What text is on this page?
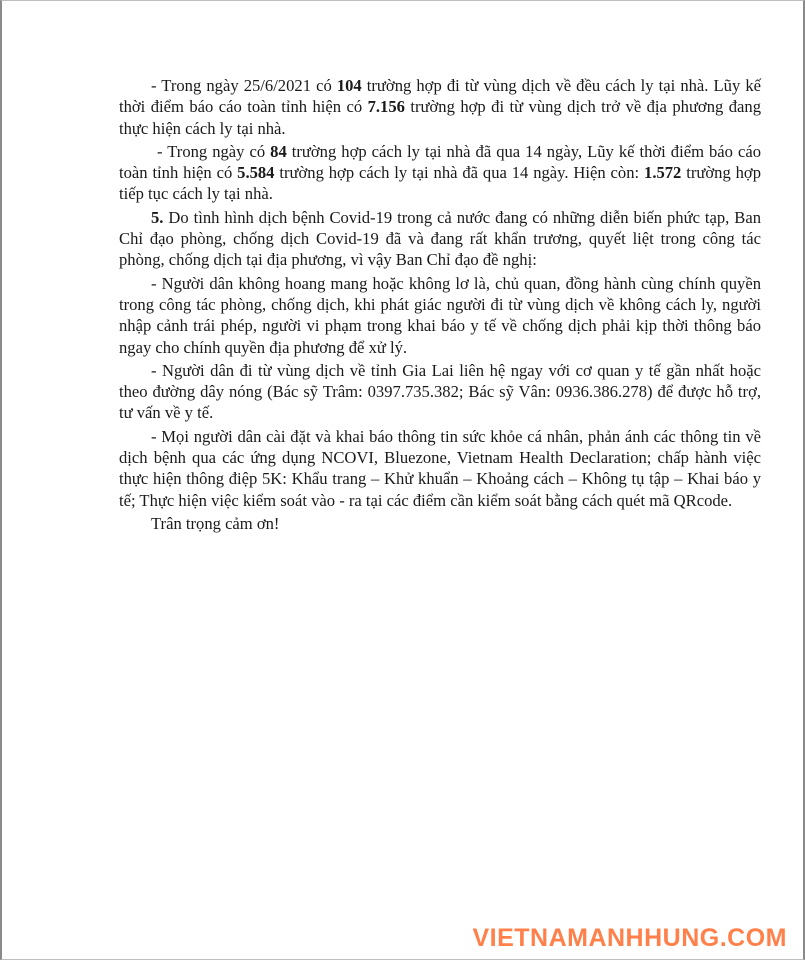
- Trong ngày 25/6/2021 có 104 trường hợp đi từ vùng dịch về đều cách ly tại nhà. Lũy kế thời điểm báo cáo toàn tỉnh hiện có 7.156 trường hợp đi từ vùng dịch trở về địa phương đang thực hiện cách ly tại nhà.

- Trong ngày có 84 trường hợp cách ly tại nhà đã qua 14 ngày, Lũy kế thời điểm báo cáo toàn tỉnh hiện có 5.584 trường hợp cách ly tại nhà đã qua 14 ngày. Hiện còn: 1.572 trường hợp tiếp tục cách ly tại nhà.

5. Do tình hình dịch bệnh Covid-19 trong cả nước đang có những diễn biến phức tạp, Ban Chỉ đạo phòng, chống dịch Covid-19 đã và đang rất khẩn trương, quyết liệt trong công tác phòng, chống dịch tại địa phương, vì vậy Ban Chỉ đạo đề nghị:

- Người dân không hoang mang hoặc không lơ là, chủ quan, đồng hành cùng chính quyền trong công tác phòng, chống dịch, khi phát giác người đi từ vùng dịch về không cách ly, người nhập cảnh trái phép, người vi phạm trong khai báo y tế về chống dịch phải kịp thời thông báo ngay cho chính quyền địa phương để xử lý.

- Người dân đi từ vùng dịch về tỉnh Gia Lai liên hệ ngay với cơ quan y tế gần nhất hoặc theo đường dây nóng (Bác sỹ Trâm: 0397.735.382; Bác sỹ Vân: 0936.386.278) để được hỗ trợ, tư vấn về y tế.

- Mọi người dân cài đặt và khai báo thông tin sức khỏe cá nhân, phản ánh các thông tin về dịch bệnh qua các ứng dụng NCOVI, Bluezone, Vietnam Health Declaration; chấp hành việc thực hiện thông điệp 5K: Khẩu trang – Khử khuẩn – Khoảng cách – Không tụ tập – Khai báo y tế; Thực hiện việc kiểm soát vào - ra tại các điểm cần kiểm soát bằng cách quét mã QRcode.

Trân trọng cảm ơn!

VIETNAMANHHUNG.COM
